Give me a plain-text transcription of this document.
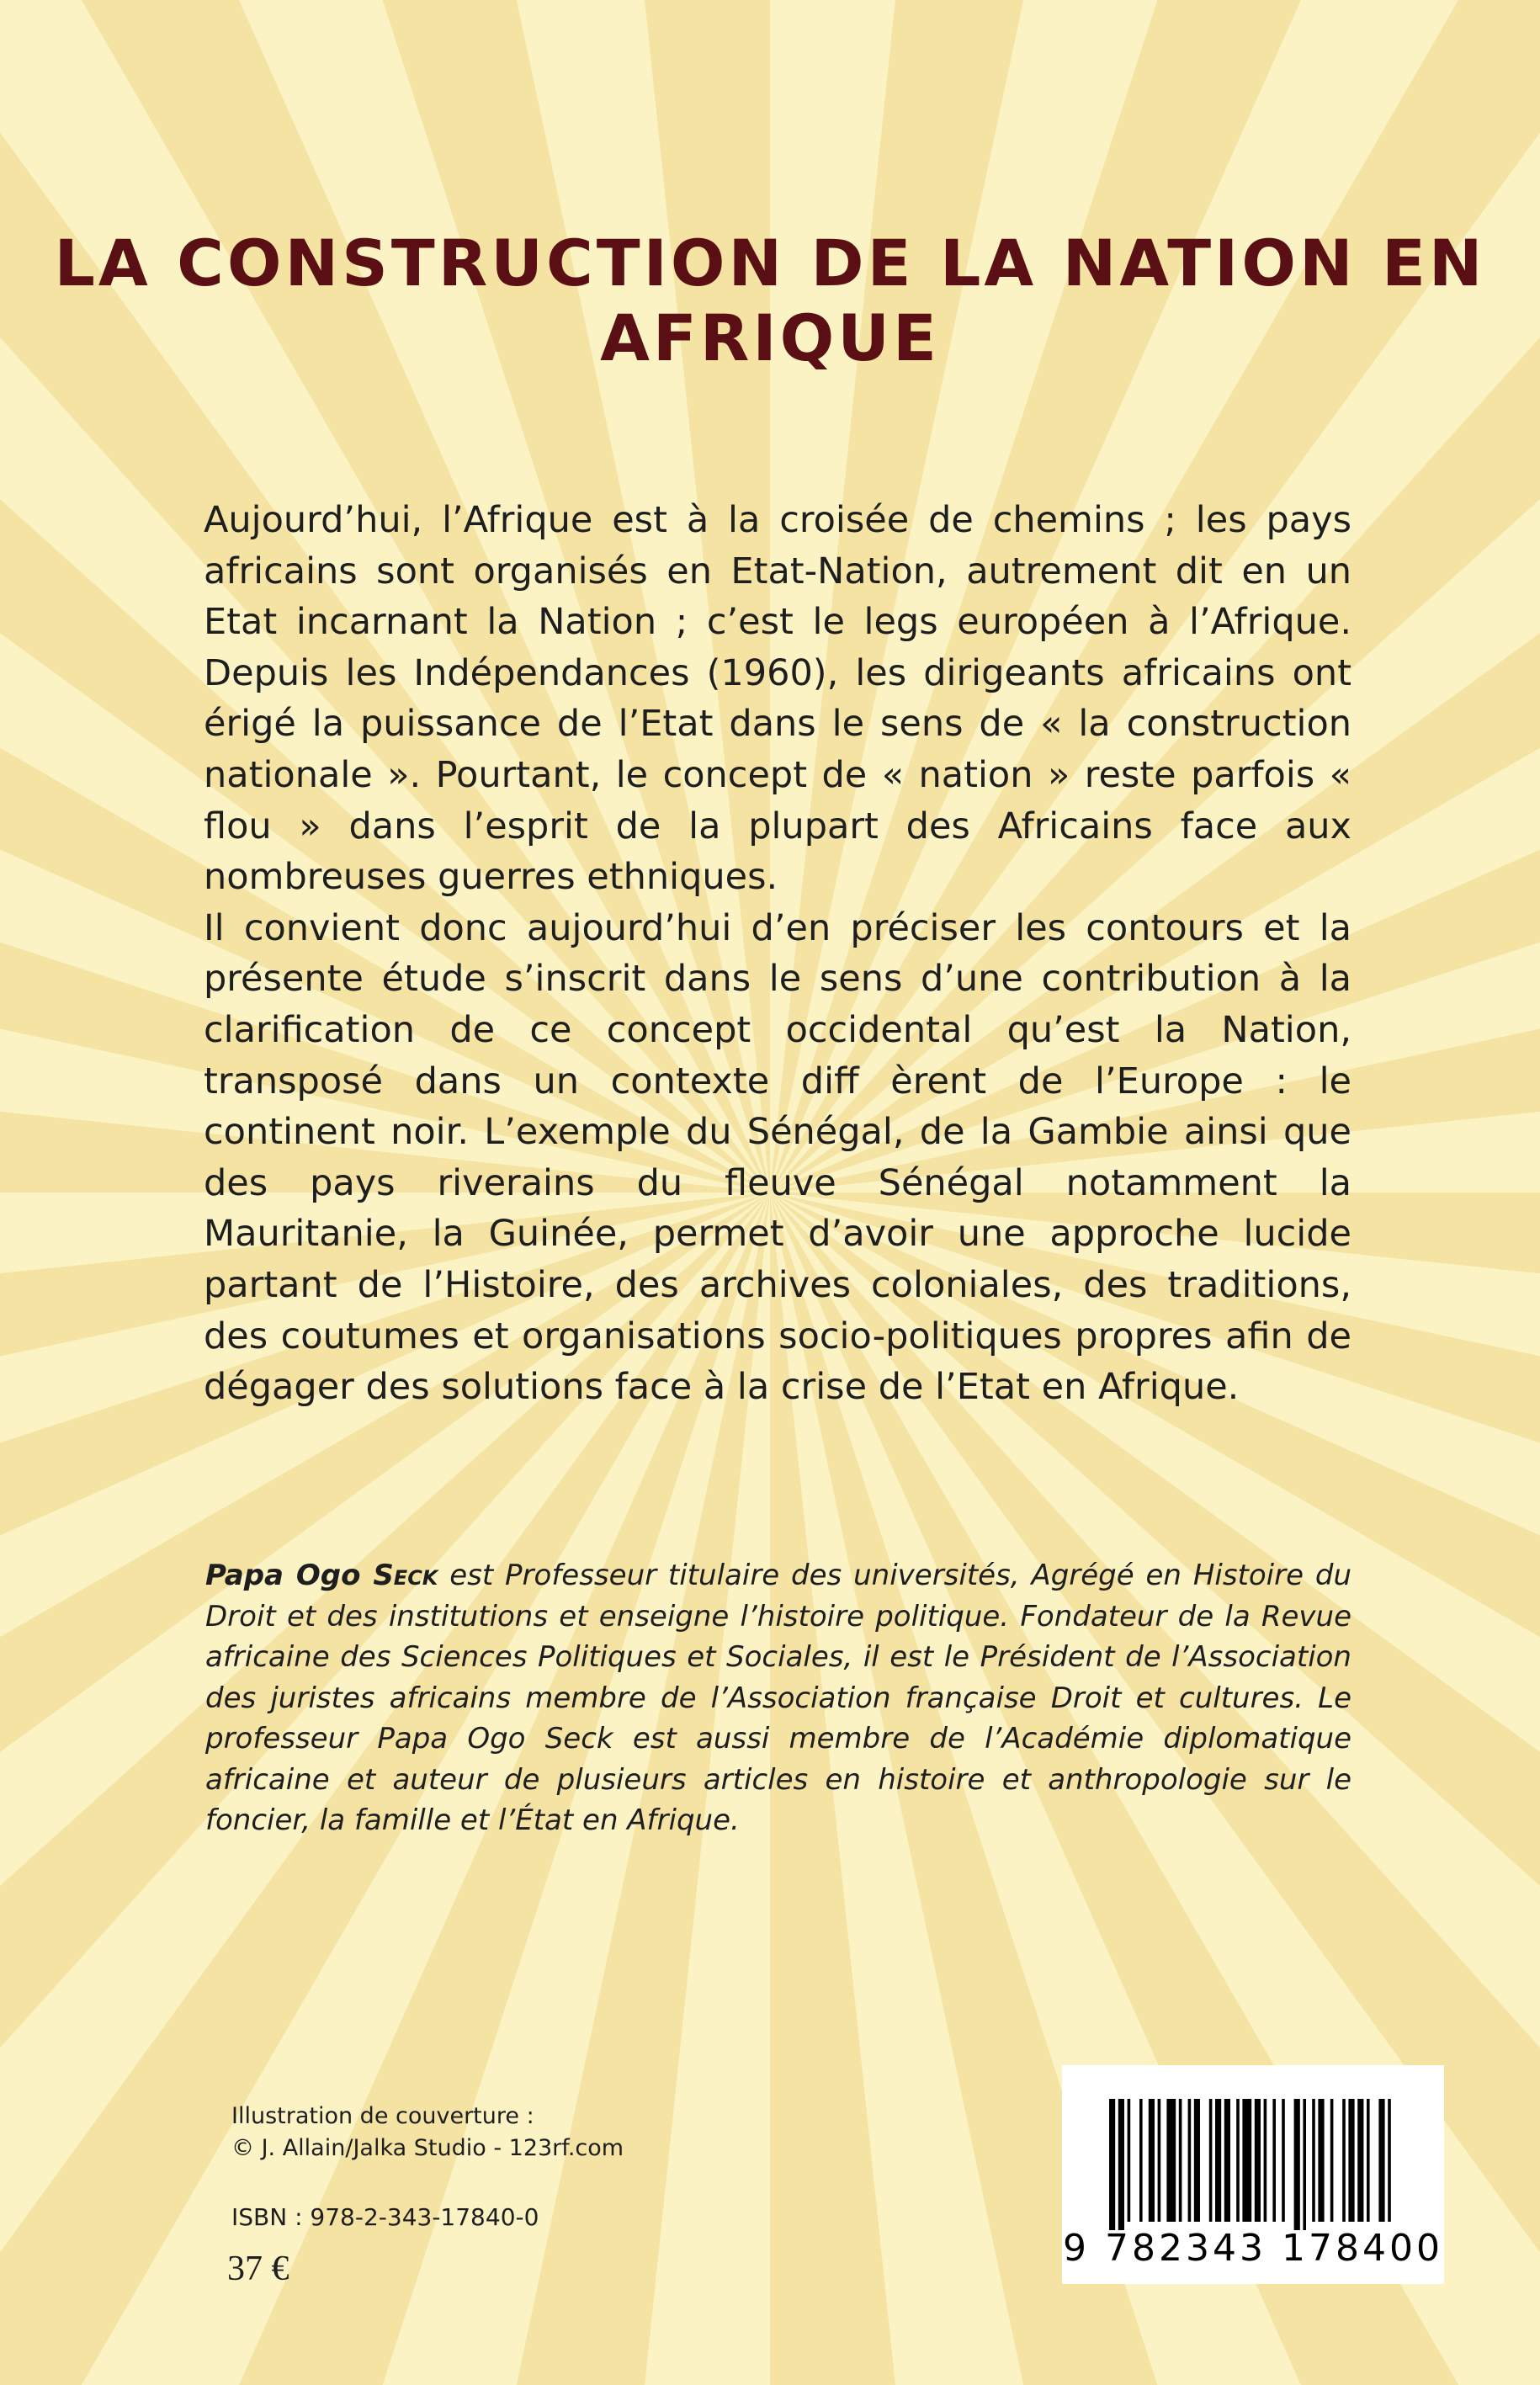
LA CONSTRUCTION DE LA NATION EN AFRIQUE

Aujourd’hui, l’Afrique est à la croisée de chemins ; les pays africains sont organisés en Etat-Nation, autrement dit en un Etat incarnant la Nation ; c’est le legs européen à l’Afrique. Depuis les Indépendances (1960), les dirigeants africains ont érigé la puissance de l’Etat dans le sens de « la construction nationale ». Pourtant, le concept de « nation » reste parfois « flou » dans l’esprit de la plupart des Africains face aux nombreuses guerres ethniques.

Il convient donc aujourd’hui d’en préciser les contours et la présente étude s’inscrit dans le sens d’une contribution à la clarification de ce concept occidental qu’est la Nation, transposé dans un contexte diff èrent de l’Europe : le continent noir. L’exemple du Sénégal, de la Gambie ainsi que des pays riverains du fleuve Sénégal notamment la Mauritanie, la Guinée, permet d’avoir une approche lucide partant de l’Histoire, des archives coloniales, des traditions, des coutumes et organisations socio-politiques propres afin de dégager des solutions face à la crise de l’Etat en Afrique.

Papa Ogo Seck est Professeur titulaire des universités, Agrégé en Histoire du Droit et des institutions et enseigne l’histoire politique. Fondateur de la Revue africaine des Sciences Politiques et Sociales, il est le Président de l’Association des juristes africains membre de l’Association française Droit et cultures. Le professeur Papa Ogo Seck est aussi membre de l’Académie diplomatique africaine et auteur de plusieurs articles en histoire et anthropologie sur le foncier, la famille et l’État en Afrique.

Illustration de couverture :
© J. Allain/Jalka Studio - 123rf.com
ISBN : 978-2-343-17840-0
37 €	9 782343 178400
